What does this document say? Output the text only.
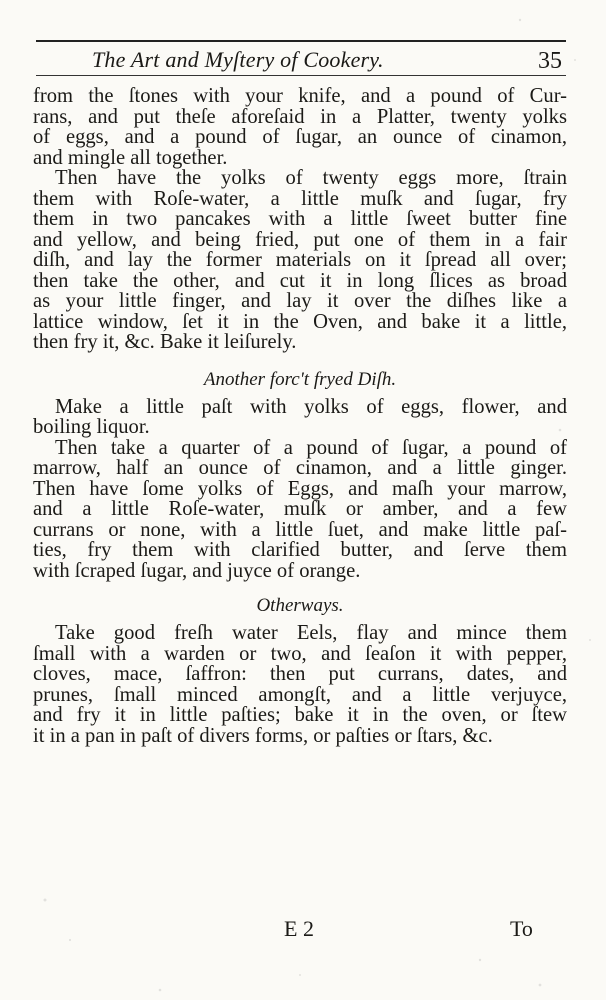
The Art and Myſtery of Cookery.	35
from the ſtones with your knife, and a pound of Cur-
rans, and put theſe aforeſaid in a Platter, twenty yolks
of eggs, and a pound of ſugar, an ounce of cinamon,
and mingle all together.
Then have the yolks of twenty eggs more, ſtrain
them with Roſe-water, a little muſk and ſugar, fry
them in two pancakes with a little ſweet butter fine
and yellow, and being fried, put one of them in a fair
diſh, and lay the former materials on it ſpread all over;
then take the other, and cut it in long ſlices as broad
as your little finger, and lay it over the diſhes like a
lattice window, ſet it in the Oven, and bake it a little,
then fry it, &c. Bake it leiſurely.
Another forc't fryed Diſh.
Make a little paſt with yolks of eggs, flower, and
boiling liquor.
Then take a quarter of a pound of ſugar, a pound of
marrow, half an ounce of cinamon, and a little ginger.
Then have ſome yolks of Eggs, and maſh your marrow,
and a little Roſe-water, muſk or amber, and a few
currans or none, with a little ſuet, and make little paſ-
ties, fry them with clarified butter, and ſerve them
with ſcraped ſugar, and juyce of orange.
Otherways.
Take good freſh water Eels, flay and mince them
ſmall with a warden or two, and ſeaſon it with pepper,
cloves, mace, ſaffron: then put currans, dates, and
prunes, ſmall minced amongſt, and a little verjuyce,
and fry it in little paſties; bake it in the oven, or ſtew
it in a pan in paſt of divers forms, or paſties or ſtars, &c.
E 2	To
